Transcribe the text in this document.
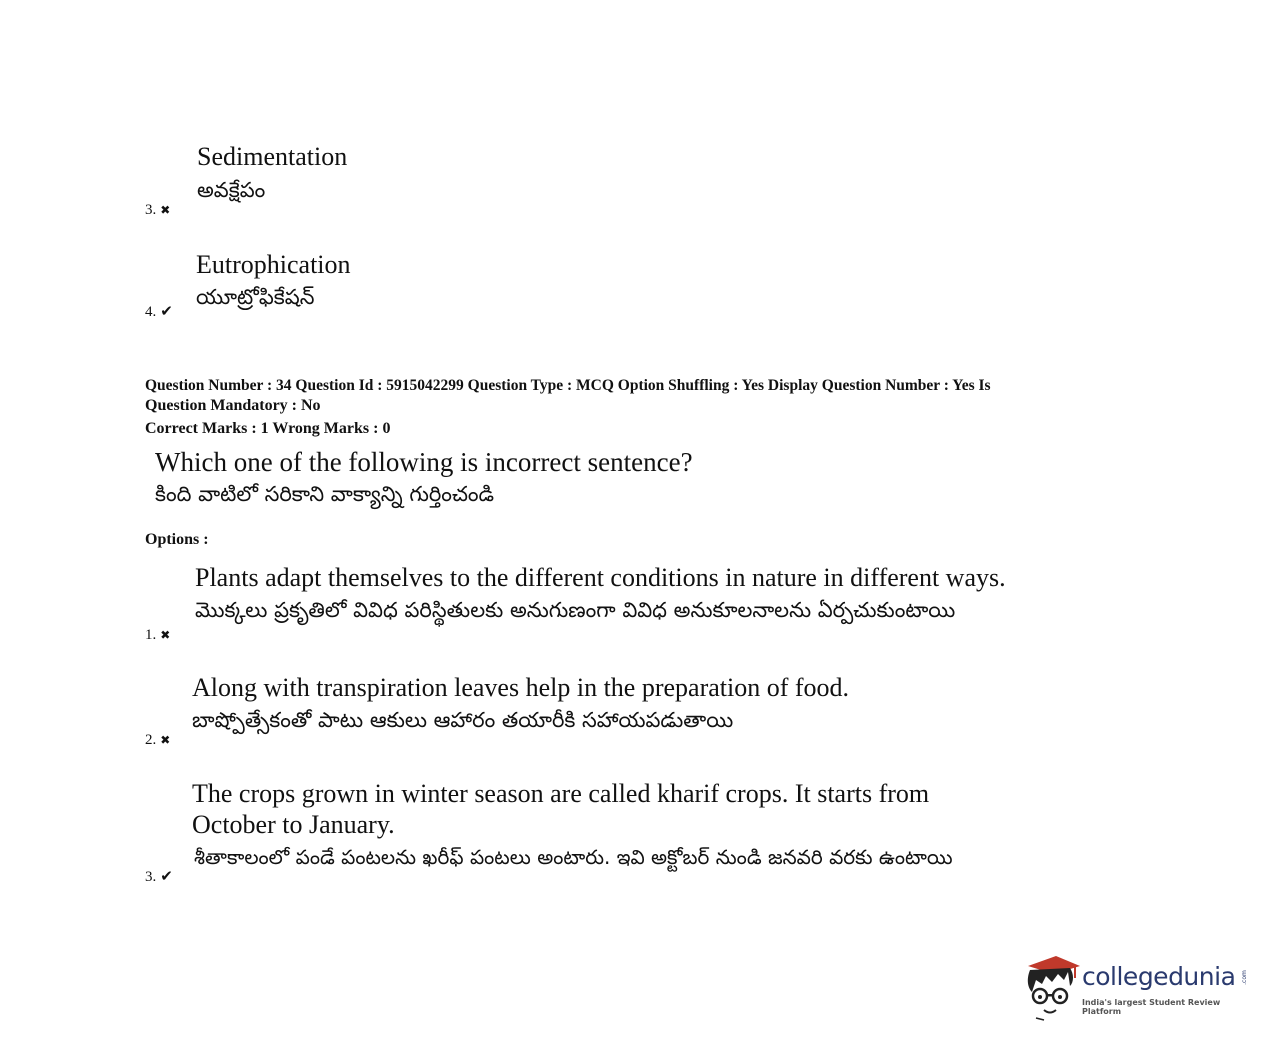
Sedimentation
అవక్షేపం
3. ✖
Eutrophication
యూట్రోఫికేషన్
4. ✔
Question Number : 34 Question Id : 5915042299 Question Type : MCQ Option Shuffling : Yes Display Question Number : Yes Is
Question Mandatory : No
Correct Marks : 1 Wrong Marks : 0
Which one of the following is incorrect sentence?
కింది వాటిలో సరికాని వాక్యాన్ని గుర్తించండి
Options :
Plants adapt themselves to the different conditions in nature in different ways.
మొక్కలు ప్రకృతిలో వివిధ పరిస్థితులకు అనుగుణంగా వివిధ అనుకూలనాలను ఏర్పచుకుంటాయి
1. ✖
Along with transpiration leaves help in the preparation of food.
బాష్పోత్సేకంతో పాటు ఆకులు ఆహారం తయారీకి సహాయపడుతాయి
2. ✖
The crops grown in winter season are called kharif crops. It starts from
October to January.
శీతాకాలంలో పండే పంటలను ఖరీఫ్ పంటలు అంటారు. ఇవి అక్టోబర్ నుండి జనవరి వరకు ఉంటాయి
3. ✔
collegedunia .com
India's largest Student Review Platform
